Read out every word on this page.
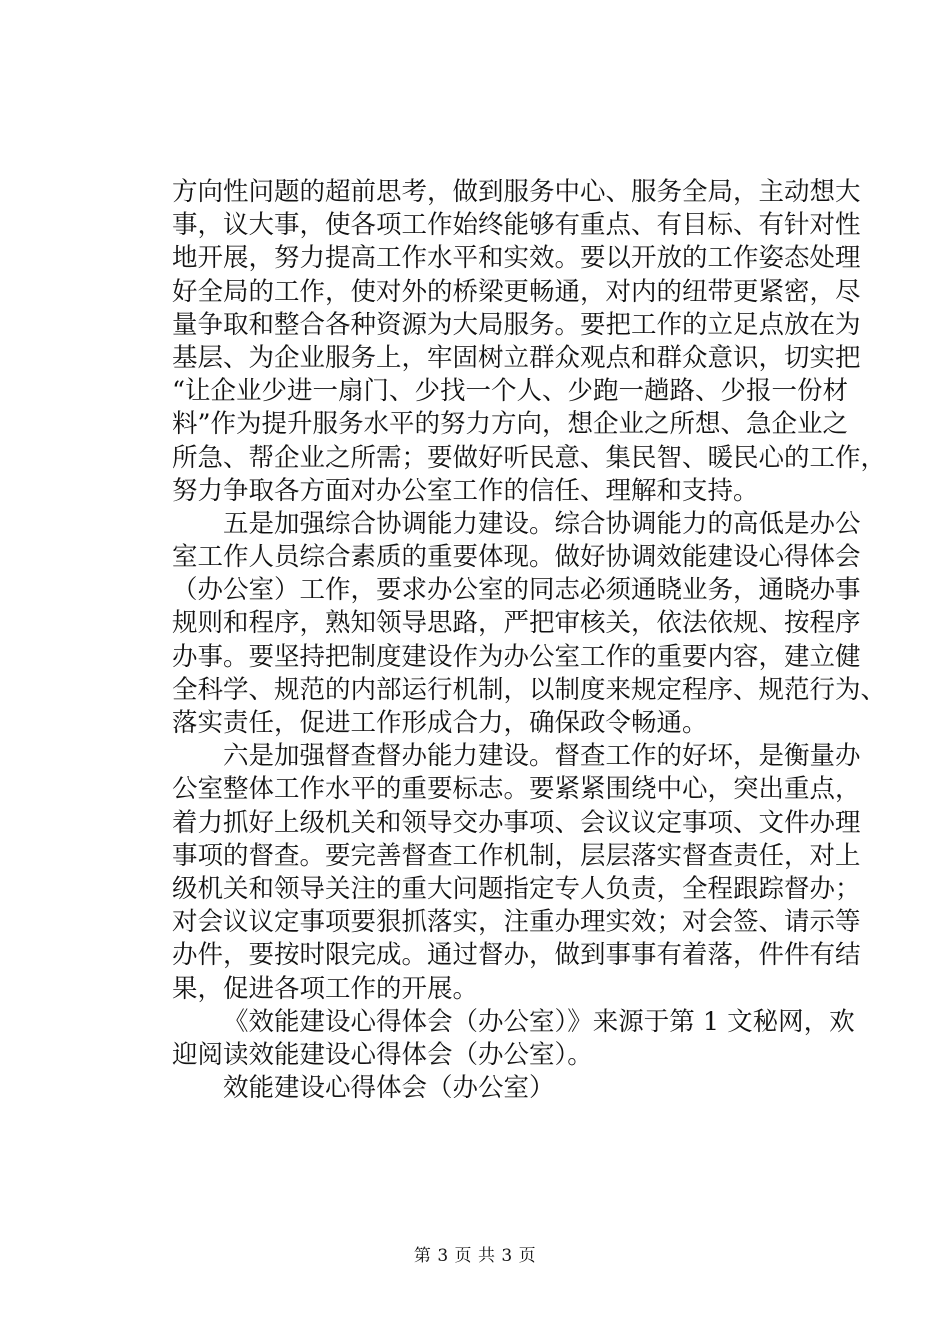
方向性问题的超前思考，做到服务中心、服务全局，主动想大
事，议大事，使各项工作始终能够有重点、有目标、有针对性
地开展，努力提高工作水平和实效。要以开放的工作姿态处理
好全局的工作，使对外的桥梁更畅通，对内的纽带更紧密，尽
量争取和整合各种资源为大局服务。要把工作的立足点放在为
基层、为企业服务上，牢固树立群众观点和群众意识，切实把
“让企业少进一扇门、少找一个人、少跑一趟路、少报一份材
料”作为提升服务水平的努力方向，想企业之所想、急企业之
所急、帮企业之所需；要做好听民意、集民智、暖民心的工作，
努力争取各方面对办公室工作的信任、理解和支持。
五是加强综合协调能力建设。综合协调能力的高低是办公
室工作人员综合素质的重要体现。做好协调效能建设心得体会
（办公室）工作，要求办公室的同志必须通晓业务，通晓办事
规则和程序，熟知领导思路，严把审核关，依法依规、按程序
办事。要坚持把制度建设作为办公室工作的重要内容，建立健
全科学、规范的内部运行机制，以制度来规定程序、规范行为、
落实责任，促进工作形成合力，确保政令畅通。
六是加强督查督办能力建设。督查工作的好坏，是衡量办
公室整体工作水平的重要标志。要紧紧围绕中心，突出重点，
着力抓好上级机关和领导交办事项、会议议定事项、文件办理
事项的督查。要完善督查工作机制，层层落实督查责任，对上
级机关和领导关注的重大问题指定专人负责，全程跟踪督办；
对会议议定事项要狠抓落实，注重办理实效；对会签、请示等
办件，要按时限完成。通过督办，做到事事有着落，件件有结
果，促进各项工作的开展。
《效能建设心得体会（办公室）》来源于第 1 文秘网，欢
迎阅读效能建设心得体会（办公室）。
效能建设心得体会（办公室）
第 3 页 共 3 页
